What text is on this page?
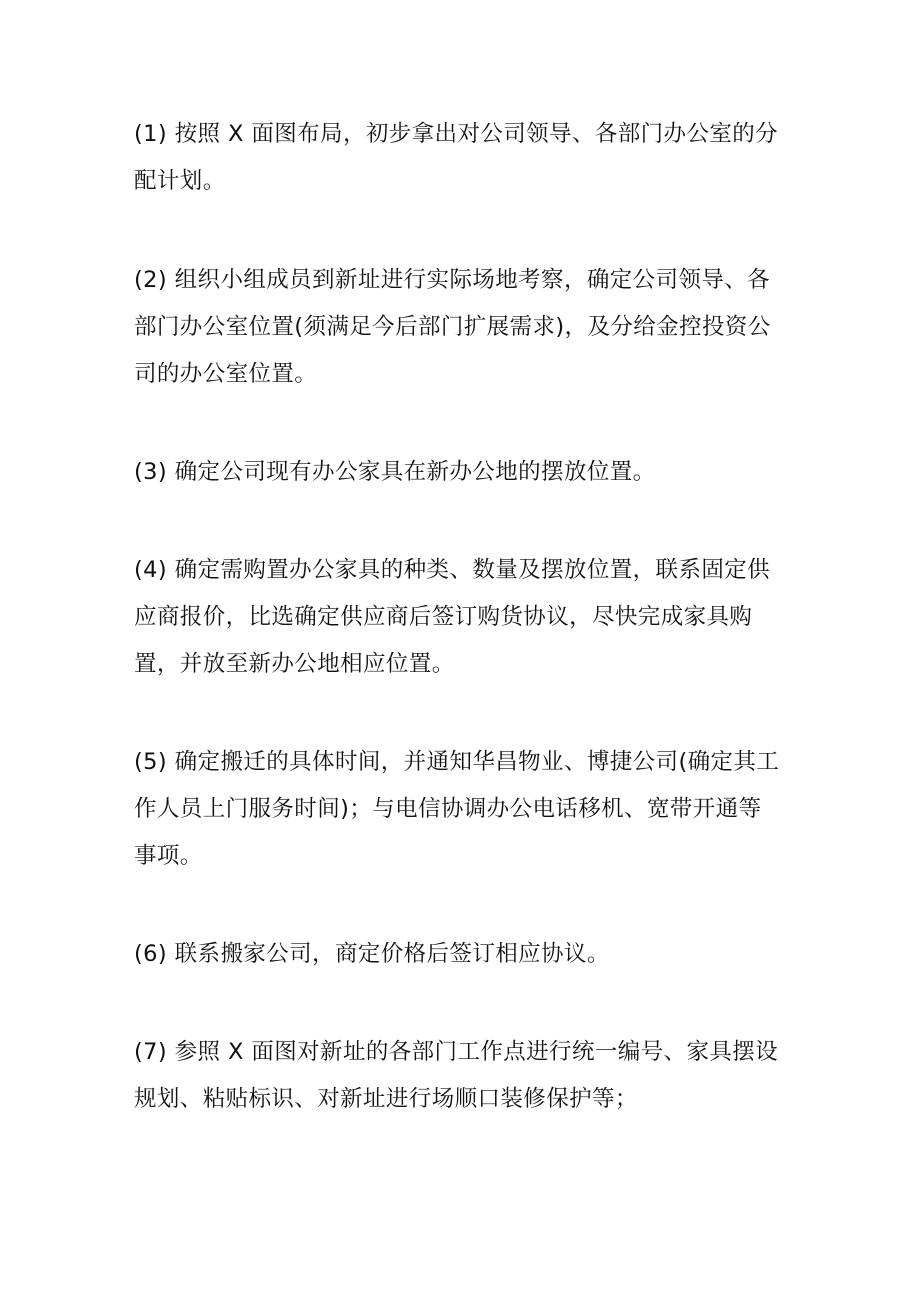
(1) 按照 X 面图布局，初步拿出对公司领导、各部门办公室的分
配计划。

(2) 组织小组成员到新址进行实际场地考察，确定公司领导、各
部门办公室位置(须满足今后部门扩展需求)，及分给金控投资公
司的办公室位置。

(3) 确定公司现有办公家具在新办公地的摆放位置。

(4) 确定需购置办公家具的种类、数量及摆放位置，联系固定供
应商报价，比选确定供应商后签订购货协议，尽快完成家具购
置，并放至新办公地相应位置。

(5) 确定搬迁的具体时间，并通知华昌物业、博捷公司(确定其工
作人员上门服务时间)；与电信协调办公电话移机、宽带开通等
事项。

(6) 联系搬家公司，商定价格后签订相应协议。

(7) 参照 X 面图对新址的各部门工作点进行统一编号、家具摆设
规划、粘贴标识、对新址进行场顺口装修保护等；
